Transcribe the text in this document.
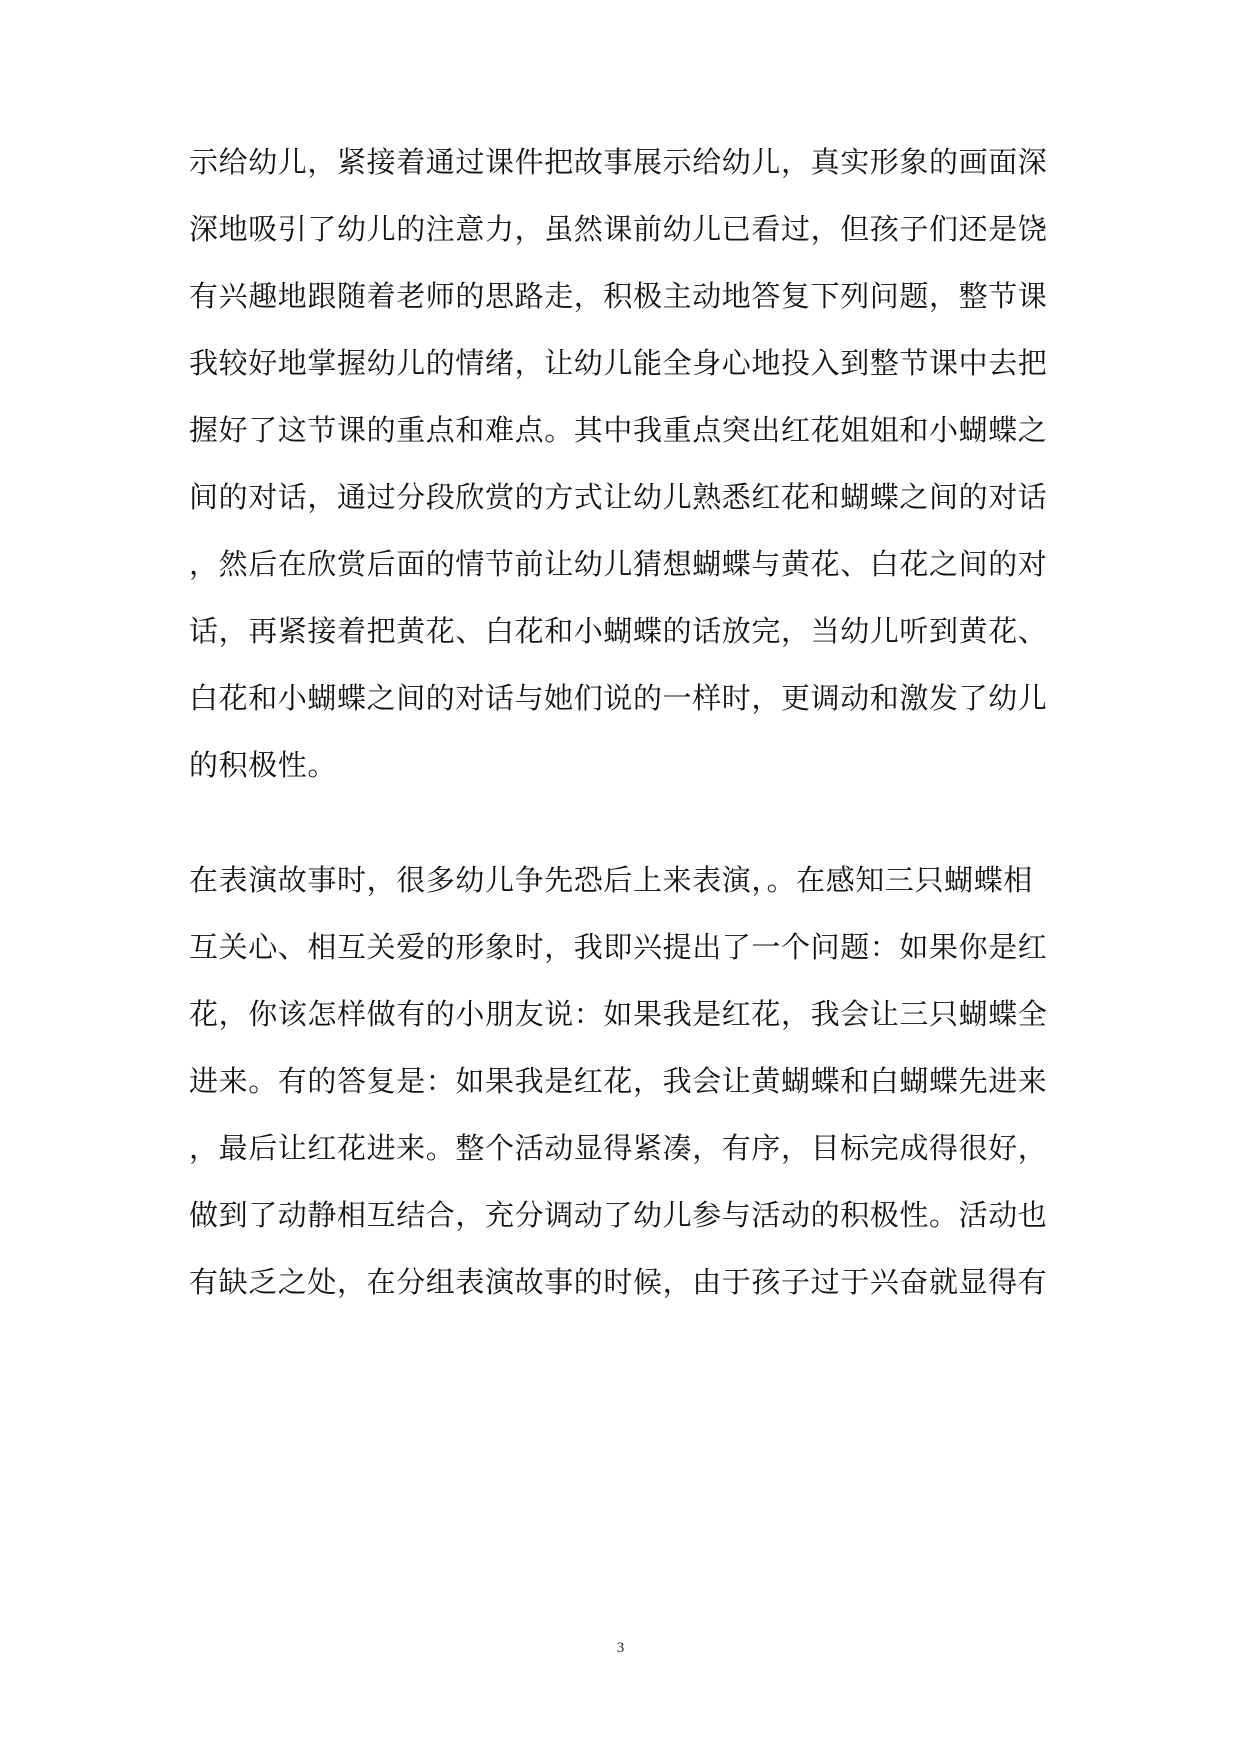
示给幼儿，紧接着通过课件把故事展示给幼儿，真实形象的画面深
深地吸引了幼儿的注意力，虽然课前幼儿已看过，但孩子们还是饶
有兴趣地跟随着老师的思路走，积极主动地答复下列问题，整节课
我较好地掌握幼儿的情绪，让幼儿能全身心地投入到整节课中去把
握好了这节课的重点和难点。其中我重点突出红花姐姐和小蝴蝶之
间的对话，通过分段欣赏的方式让幼儿熟悉红花和蝴蝶之间的对话
，然后在欣赏后面的情节前让幼儿猜想蝴蝶与黄花、白花之间的对
话，再紧接着把黄花、白花和小蝴蝶的话放完，当幼儿听到黄花、
白花和小蝴蝶之间的对话与她们说的一样时，更调动和激发了幼儿
的积极性。
在表演故事时，很多幼儿争先恐后上来表演，。在感知三只蝴蝶相
互关心、相互关爱的形象时，我即兴提出了一个问题：如果你是红
花，你该怎样做有的小朋友说：如果我是红花，我会让三只蝴蝶全
进来。有的答复是：如果我是红花，我会让黄蝴蝶和白蝴蝶先进来
，最后让红花进来。整个活动显得紧凑，有序，目标完成得很好，
做到了动静相互结合，充分调动了幼儿参与活动的积极性。活动也
有缺乏之处，在分组表演故事的时候，由于孩子过于兴奋就显得有
3
